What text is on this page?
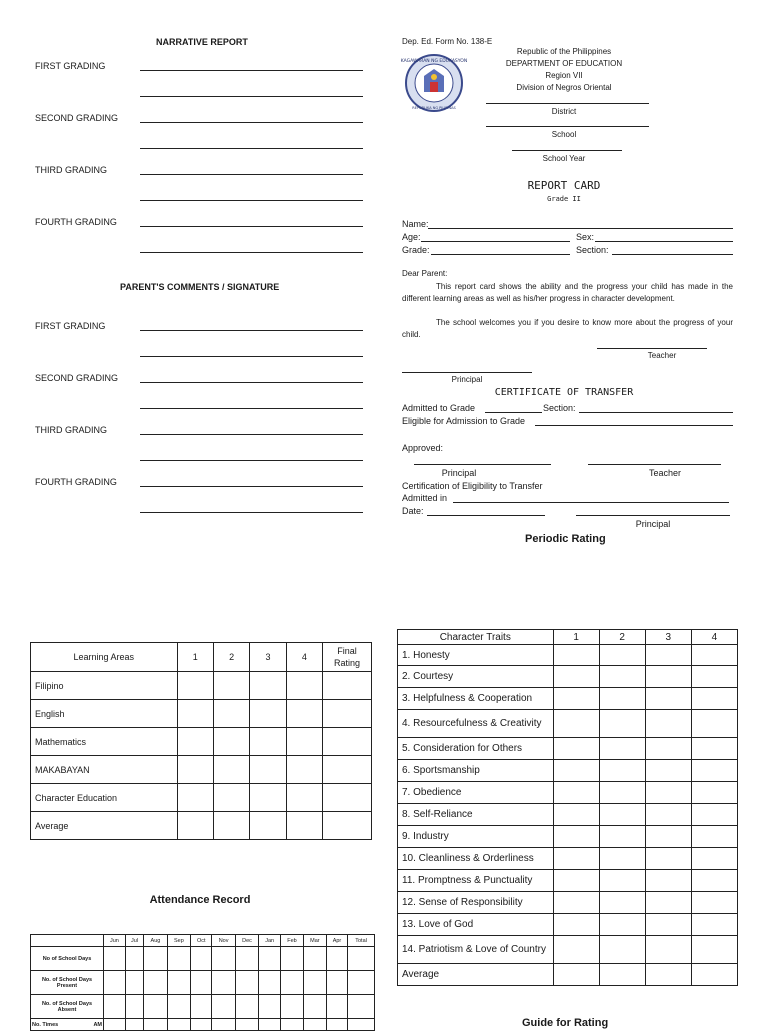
NARRATIVE REPORT
FIRST GRADING
SECOND GRADING
THIRD GRADING
FOURTH GRADING
PARENT'S COMMENTS / SIGNATURE
FIRST GRADING
SECOND GRADING
THIRD GRADING
FOURTH GRADING
Dep. Ed. Form No. 138-E
KAGAWARAN NG EDUKASYON
REPUBLIKA NG PILIPINAS
Republic of the Philippines
DEPARTMENT OF EDUCATION
Region VII
Division of Negros Oriental
District
School
School Year
REPORT CARD
Grade II
Name:
Age:	Sex:
Grade:	Section:
Dear Parent:
This report card shows the ability and the progress your child has made in the different learning areas as well as his/her progress in character development.
The school welcomes you if you desire to know more about the progress of your child.
Teacher
Principal
CERTIFICATE OF TRANSFER
Admitted to Grade	Section:
Eligible for Admission to Grade
Approved:
Principal	Teacher
Certification of Eligibility to Transfer
Admitted in
Date:
Principal
Periodic Rating
Learning Areas	1	2	3	4	Final Rating
Filipino					
English					
Mathematics					
MAKABAYAN					
Character Education					
Average					
Character Traits	1	2	3	4
1. Honesty				
2. Courtesy				
3. Helpfulness & Cooperation				
4. Resourcefulness & Creativity				
5. Consideration for Others				
6. Sportsmanship				
7. Obedience				
8. Self-Reliance				
9. Industry				
10. Cleanliness & Orderliness				
11. Promptness & Punctuality				
12. Sense of Responsibility				
13. Love of God				
14. Patriotism & Love of Country				
Average				
Attendance Record
	Jun	Jul	Aug	Sep	Oct	Nov	Dec	Jan	Feb	Mar	Apr	Total
No of School Days												
No. of School Days Present												
No. of School Days Absent												
No. Times AM												
													Guide for Rating
